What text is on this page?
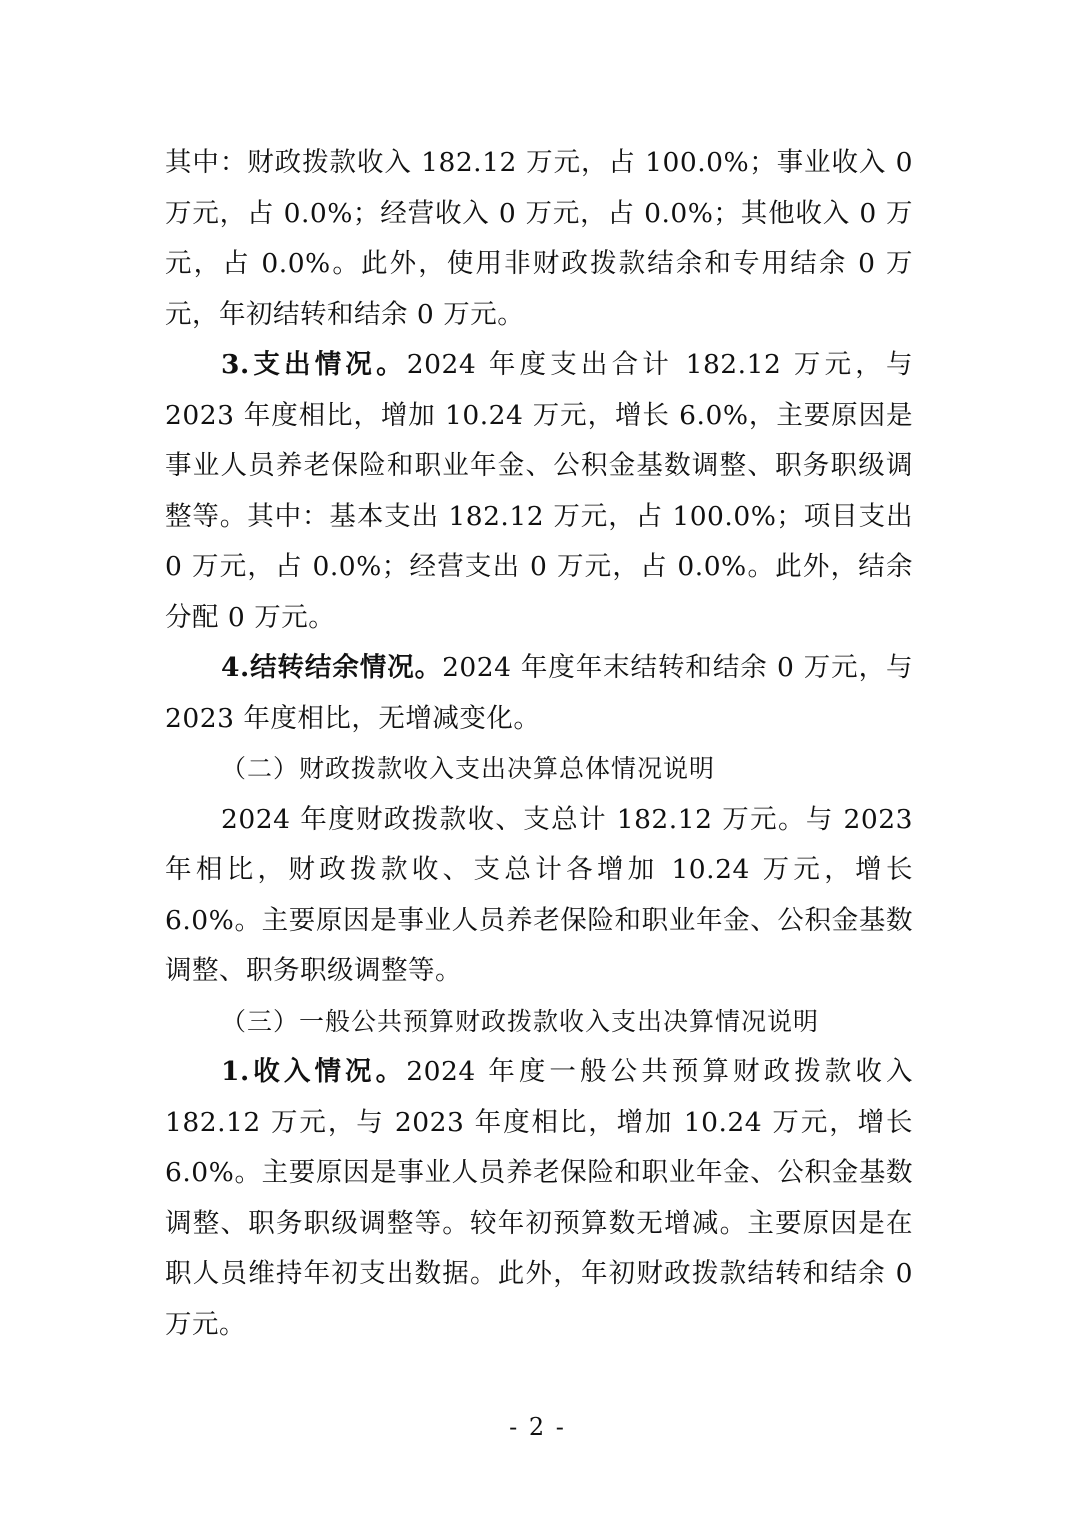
其中：财政拨款收入 182.12 万元，占 100.0%；事业收入 0 万元，占 0.0%；经营收入 0 万元，占 0.0%；其他收入 0 万元，占 0.0%。此外，使用非财政拨款结余和专用结余 0 万元，年初结转和结余 0 万元。

3.支出情况。2024 年度支出合计 182.12 万元，与 2023 年度相比，增加 10.24 万元，增长 6.0%，主要原因是事业人员养老保险和职业年金、公积金基数调整、职务职级调整等。其中：基本支出 182.12 万元，占 100.0%；项目支出 0 万元，占 0.0%；经营支出 0 万元，占 0.0%。此外，结余分配 0 万元。

4.结转结余情况。2024 年度年末结转和结余 0 万元，与 2023 年度相比，无增减变化。

（二）财政拨款收入支出决算总体情况说明

2024 年度财政拨款收、支总计 182.12 万元。与 2023 年相比，财政拨款收、支总计各增加 10.24 万元，增长 6.0%。主要原因是事业人员养老保险和职业年金、公积金基数调整、职务职级调整等。

（三）一般公共预算财政拨款收入支出决算情况说明

1.收入情况。2024 年度一般公共预算财政拨款收入 182.12 万元，与 2023 年度相比，增加 10.24 万元，增长 6.0%。主要原因是事业人员养老保险和职业年金、公积金基数调整、职务职级调整等。较年初预算数无增减。主要原因是在职人员维持年初支出数据。此外，年初财政拨款结转和结余 0 万元。

- 2 -
